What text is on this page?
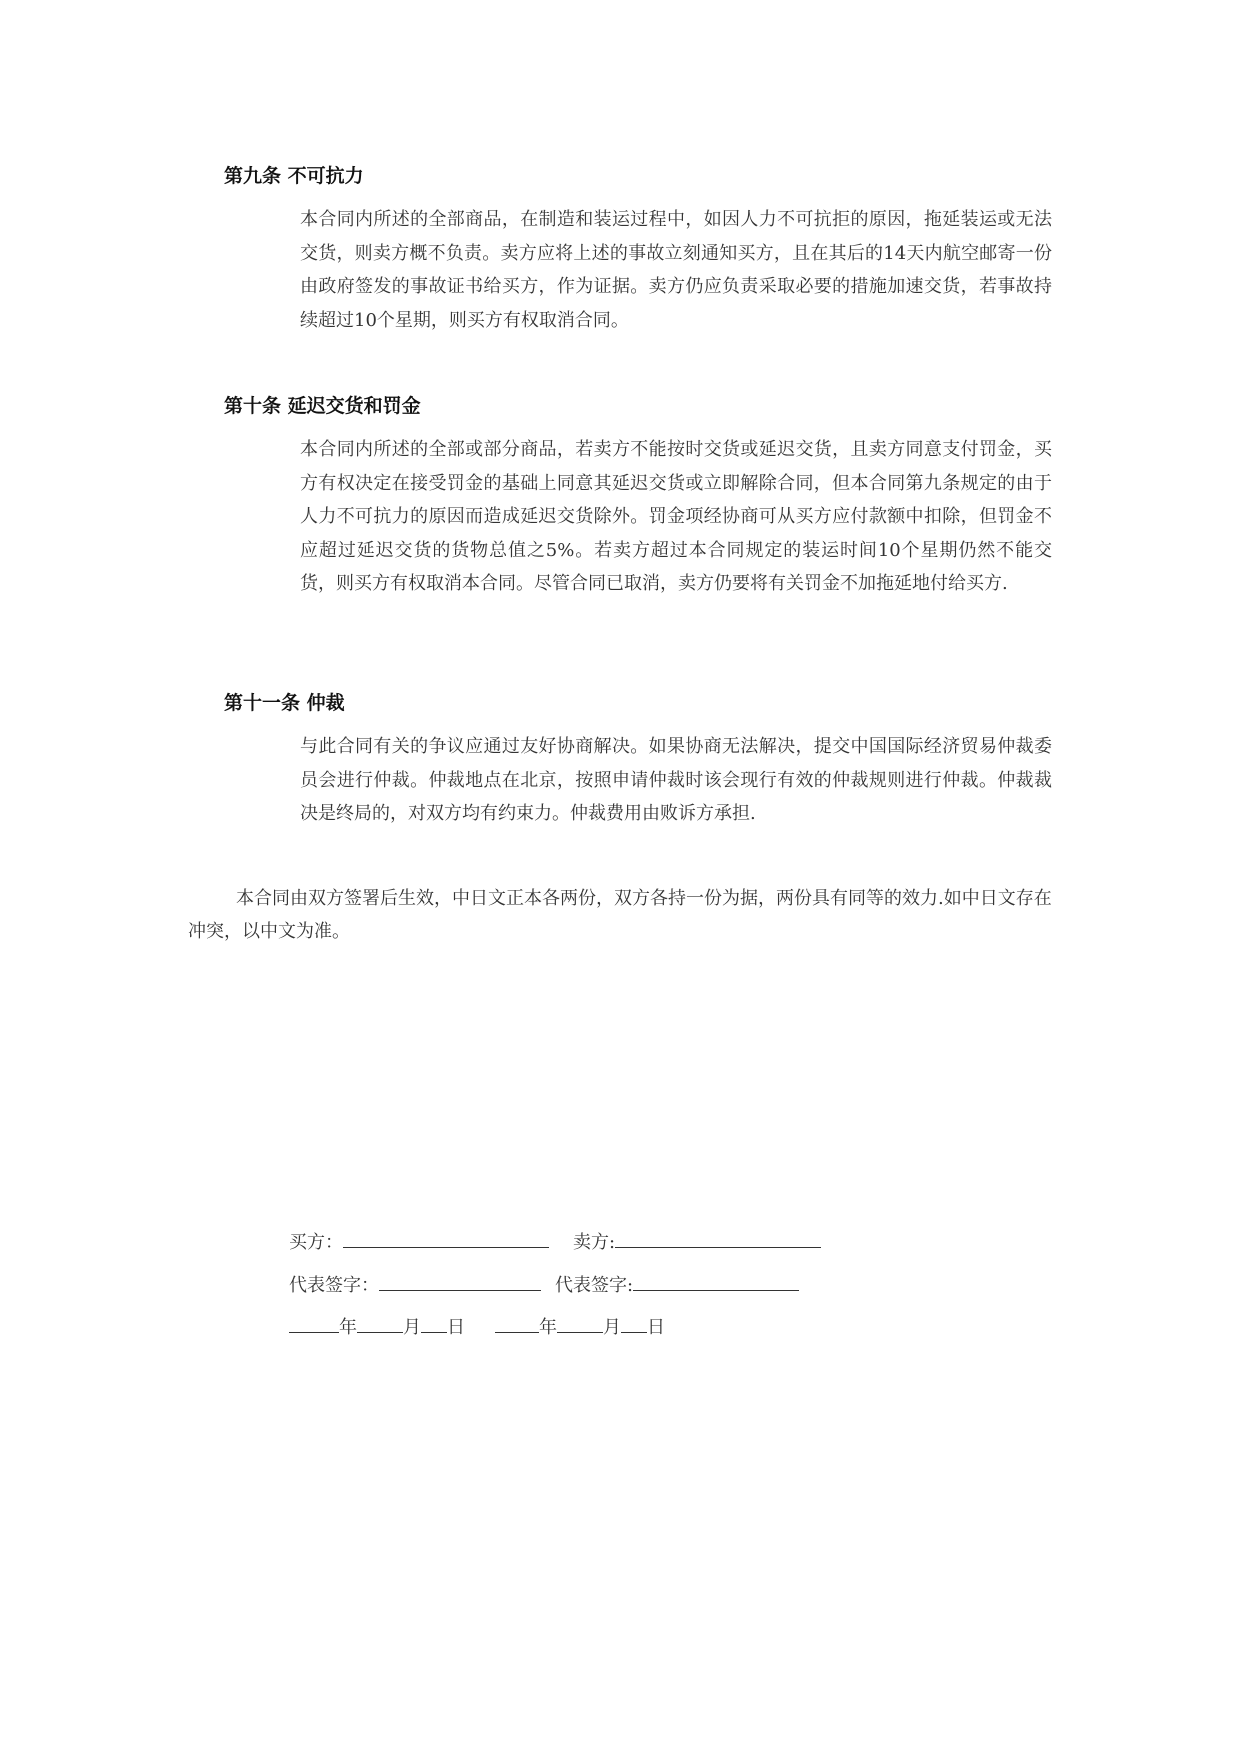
第九条 不可抗力
本合同内所述的全部商品，在制造和装运过程中，如因人力不可抗拒的原因，拖延装运或无法交货，则卖方概不负责。卖方应将上述的事故立刻通知买方，且在其后的14天内航空邮寄一份由政府签发的事故证书给买方，作为证据。卖方仍应负责采取必要的措施加速交货，若事故持续超过10个星期，则买方有权取消合同。
第十条 延迟交货和罚金
本合同内所述的全部或部分商品，若卖方不能按时交货或延迟交货，且卖方同意支付罚金，买方有权决定在接受罚金的基础上同意其延迟交货或立即解除合同，但本合同第九条规定的由于人力不可抗力的原因而造成延迟交货除外。罚金项经协商可从买方应付款额中扣除，但罚金不应超过延迟交货的货物总值之5%。若卖方超过本合同规定的装运时间10个星期仍然不能交货，则买方有权取消本合同。尽管合同已取消，卖方仍要将有关罚金不加拖延地付给买方.
第十一条 仲裁
与此合同有关的争议应通过友好协商解决。如果协商无法解决，提交中国国际经济贸易仲裁委员会进行仲裁。仲裁地点在北京，按照申请仲裁时该会现行有效的仲裁规则进行仲裁。仲裁裁决是终局的，对双方均有约束力。仲裁费用由败诉方承担.
本合同由双方签署后生效，中日文正本各两份，双方各持一份为据，两份具有同等的效力.如中日文存在冲突，以中文为准。
买方：	卖方:
代表签字：	代表签字:
年	月 日	年	月 日
